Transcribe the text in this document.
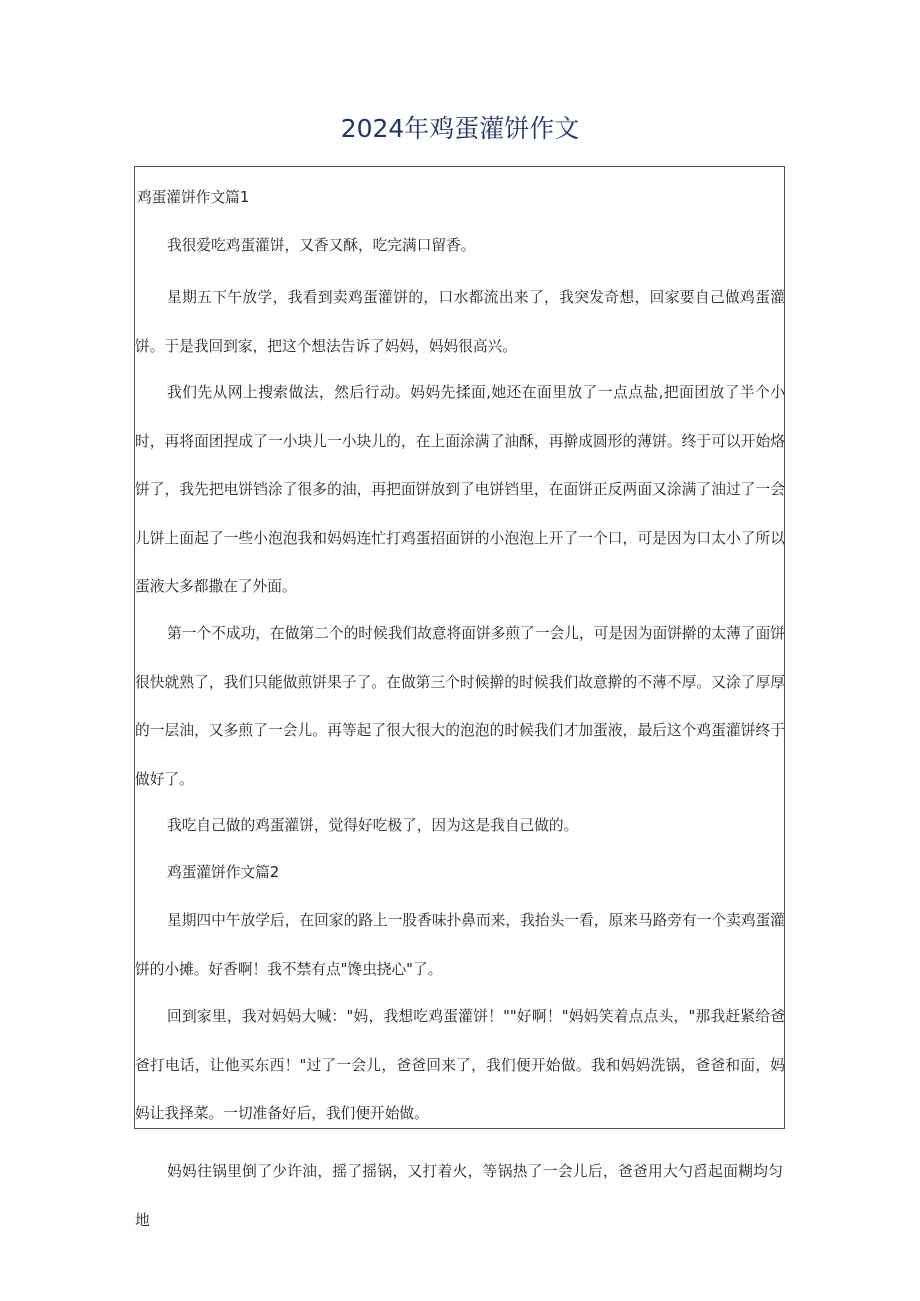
2024年鸡蛋灌饼作文

鸡蛋灌饼作文篇1

我很爱吃鸡蛋灌饼，又香又酥，吃完满口留香。

星期五下午放学，我看到卖鸡蛋灌饼的，口水都流出来了，我突发奇想，回家要自己做鸡蛋灌饼。于是我回到家，把这个想法告诉了妈妈，妈妈很高兴。

我们先从网上搜索做法，然后行动。妈妈先揉面,她还在面里放了一点点盐,把面团放了半个小时，再将面团捏成了一小块儿一小块儿的，在上面涂满了油酥，再擀成圆形的薄饼。终于可以开始烙饼了，我先把电饼铛涂了很多的油，再把面饼放到了电饼铛里，在面饼正反两面又涂满了油过了一会儿饼上面起了一些小泡泡我和妈妈连忙打鸡蛋招面饼的小泡泡上开了一个口，可是因为口太小了所以蛋液大多都撒在了外面。

第一个不成功，在做第二个的时候我们故意将面饼多煎了一会儿，可是因为面饼擀的太薄了面饼很快就熟了，我们只能做煎饼果子了。在做第三个时候擀的时候我们故意擀的不薄不厚。又涂了厚厚的一层油，又多煎了一会儿。再等起了很大很大的泡泡的时候我们才加蛋液，最后这个鸡蛋灌饼终于做好了。

我吃自己做的鸡蛋灌饼，觉得好吃极了，因为这是我自己做的。

鸡蛋灌饼作文篇2

星期四中午放学后，在回家的路上一股香味扑鼻而来，我抬头一看，原来马路旁有一个卖鸡蛋灌饼的小摊。好香啊！我不禁有点"馋虫挠心"了。

回到家里，我对妈妈大喊："妈，我想吃鸡蛋灌饼！""好啊！"妈妈笑着点点头，"那我赶紧给爸爸打电话，让他买东西！"过了一会儿，爸爸回来了，我们便开始做。我和妈妈洗锅，爸爸和面，妈妈让我择菜。一切准备好后，我们便开始做。

妈妈往锅里倒了少许油，摇了摇锅，又打着火，等锅热了一会儿后，爸爸用大勺舀起面糊均匀地
